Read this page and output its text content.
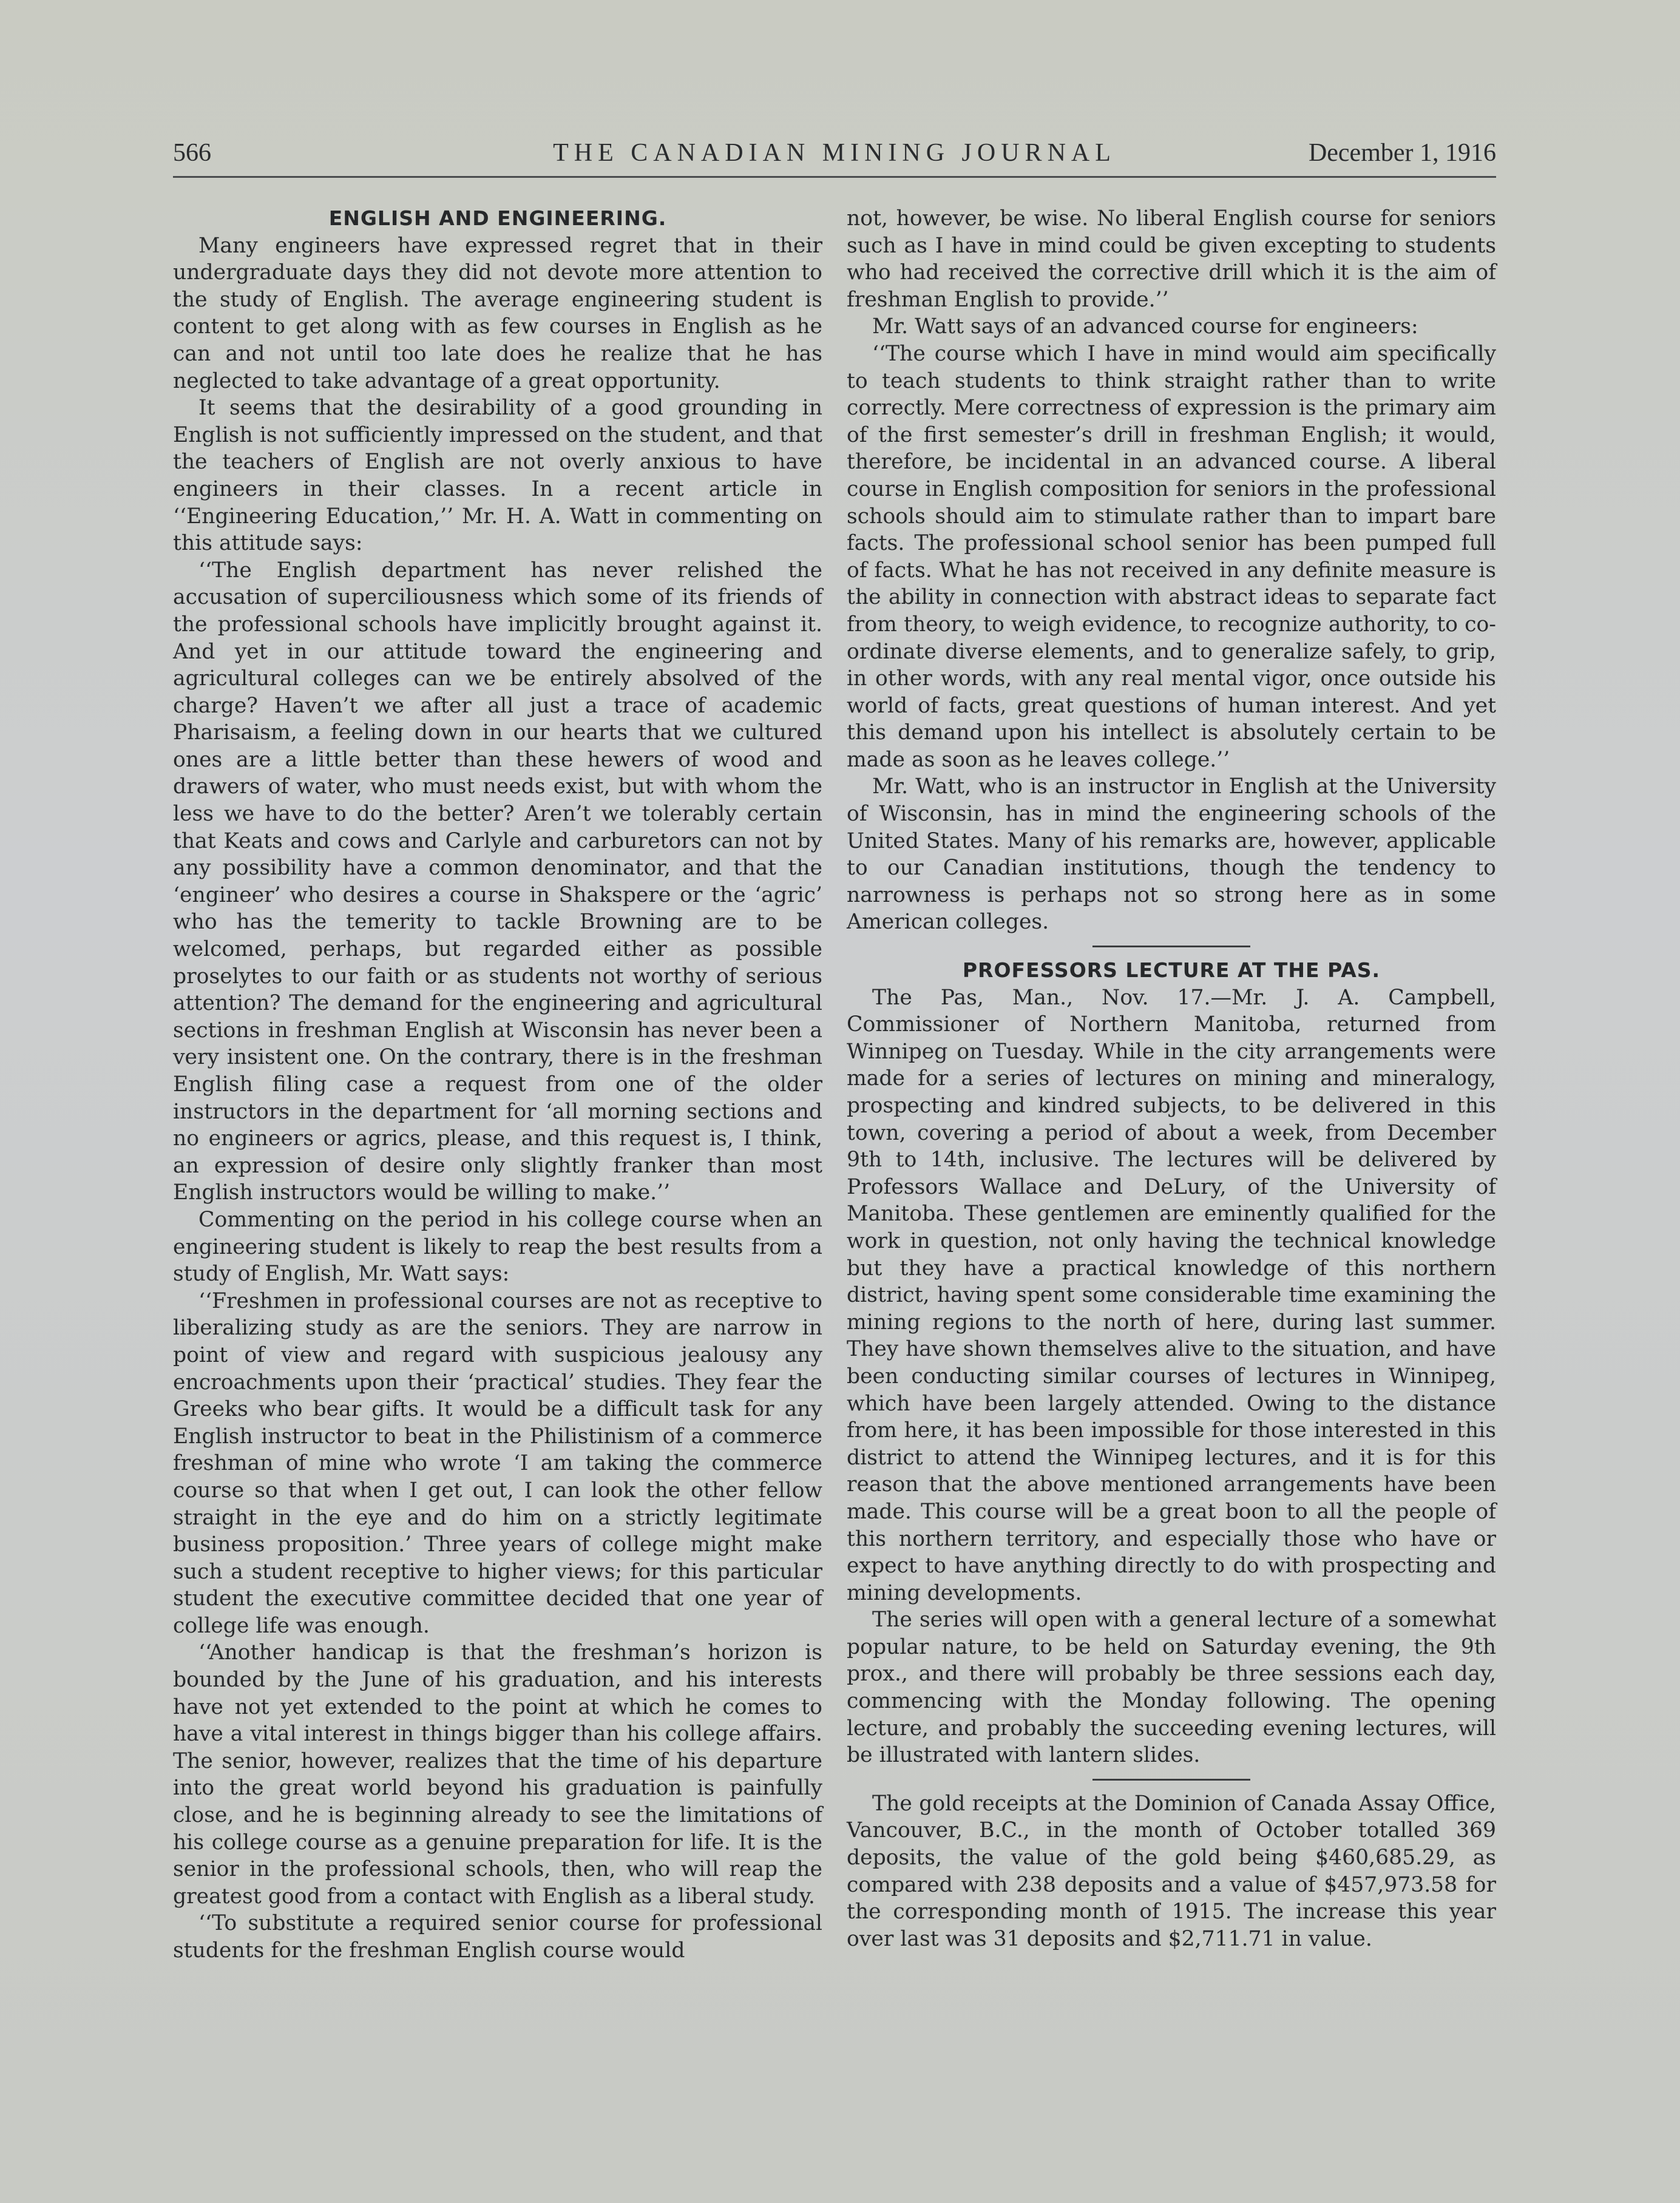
566	THE CANADIAN MINING JOURNAL	December 1, 1916
ENGLISH AND ENGINEERING.

Many engineers have expressed regret that in their undergraduate days they did not devote more attention to the study of English. The average engineering student is content to get along with as few courses in English as he can and not until too late does he realize that he has neglected to take advantage of a great opportunity.

It seems that the desirability of a good grounding in English is not sufficiently impressed on the student, and that the teachers of English are not overly anxious to have engineers in their classes. In a recent article in ‘‘Engineering Education,’’ Mr. H. A. Watt in commenting on this attitude says:

‘‘The English department has never relished the accusation of superciliousness which some of its friends of the professional schools have implicitly brought against it. And yet in our attitude toward the engineering and agricultural colleges can we be entirely absolved of the charge? Haven’t we after all just a trace of academic Pharisaism, a feeling down in our hearts that we cultured ones are a little better than these hewers of wood and drawers of water, who must needs exist, but with whom the less we have to do the better? Aren’t we tolerably certain that Keats and cows and Carlyle and carburetors can not by any possibility have a common denominator, and that the ‘engineer’ who desires a course in Shakspere or the ‘agric’ who has the temerity to tackle Browning are to be welcomed, perhaps, but regarded either as possible proselytes to our faith or as students not worthy of serious attention? The demand for the engineering and agricultural sections in freshman English at Wisconsin has never been a very insistent one. On the contrary, there is in the freshman English filing case a request from one of the older instructors in the department for ‘all morning sections and no engineers or agrics, please, and this request is, I think, an expression of desire only slightly franker than most English instructors would be willing to make.’’

Commenting on the period in his college course when an engineering student is likely to reap the best results from a study of English, Mr. Watt says:

‘‘Freshmen in professional courses are not as receptive to liberalizing study as are the seniors. They are narrow in point of view and regard with suspicious jealousy any encroachments upon their ‘practical’ studies. They fear the Greeks who bear gifts. It would be a difficult task for any English instructor to beat in the Philistinism of a commerce freshman of mine who wrote ‘I am taking the commerce course so that when I get out, I can look the other fellow straight in the eye and do him on a strictly legitimate business proposition.’ Three years of college might make such a student receptive to higher views; for this particular student the executive committee decided that one year of college life was enough.

‘‘Another handicap is that the freshman’s horizon is bounded by the June of his graduation, and his interests have not yet extended to the point at which he comes to have a vital interest in things bigger than his college affairs. The senior, however, realizes that the time of his departure into the great world beyond his graduation is painfully close, and he is beginning already to see the limitations of his college course as a genuine preparation for life. It is the senior in the professional schools, then, who will reap the greatest good from a contact with English as a liberal study.

‘‘To substitute a required senior course for professional students for the freshman English course would

not, however, be wise. No liberal English course for seniors such as I have in mind could be given excepting to students who had received the corrective drill which it is the aim of freshman English to provide.’’

Mr. Watt says of an advanced course for engineers:

‘‘The course which I have in mind would aim specifically to teach students to think straight rather than to write correctly. Mere correctness of expression is the primary aim of the first semester’s drill in freshman English; it would, therefore, be incidental in an advanced course. A liberal course in English composition for seniors in the professional schools should aim to stimulate rather than to impart bare facts. The professional school senior has been pumped full of facts. What he has not received in any definite measure is the ability in connection with abstract ideas to separate fact from theory, to weigh evidence, to recognize authority, to co-ordinate diverse elements, and to generalize safely, to grip, in other words, with any real mental vigor, once outside his world of facts, great questions of human interest. And yet this demand upon his intellect is absolutely certain to be made as soon as he leaves college.’’

Mr. Watt, who is an instructor in English at the University of Wisconsin, has in mind the engineering schools of the United States. Many of his remarks are, however, applicable to our Canadian institutions, though the tendency to narrowness is perhaps not so strong here as in some American colleges.

PROFESSORS LECTURE AT THE PAS.

The Pas, Man., Nov. 17.—Mr. J. A. Campbell, Commissioner of Northern Manitoba, returned from Winnipeg on Tuesday. While in the city arrangements were made for a series of lectures on mining and mineralogy, prospecting and kindred subjects, to be delivered in this town, covering a period of about a week, from December 9th to 14th, inclusive. The lectures will be delivered by Professors Wallace and DeLury, of the University of Manitoba. These gentlemen are eminently qualified for the work in question, not only having the technical knowledge but they have a practical knowledge of this northern district, having spent some considerable time examining the mining regions to the north of here, during last summer. They have shown themselves alive to the situation, and have been conducting similar courses of lectures in Winnipeg, which have been largely attended. Owing to the distance from here, it has been impossible for those interested in this district to attend the Winnipeg lectures, and it is for this reason that the above mentioned arrangements have been made. This course will be a great boon to all the people of this northern territory, and especially those who have or expect to have anything directly to do with prospecting and mining developments.

The series will open with a general lecture of a somewhat popular nature, to be held on Saturday evening, the 9th prox., and there will probably be three sessions each day, commencing with the Monday following. The opening lecture, and probably the succeeding evening lectures, will be illustrated with lantern slides.

The gold receipts at the Dominion of Canada Assay Office, Vancouver, B.C., in the month of October totalled 369 deposits, the value of the gold being $460,685.29, as compared with 238 deposits and a value of $457,973.58 for the corresponding month of 1915. The increase this year over last was 31 deposits and $2,711.71 in value.
